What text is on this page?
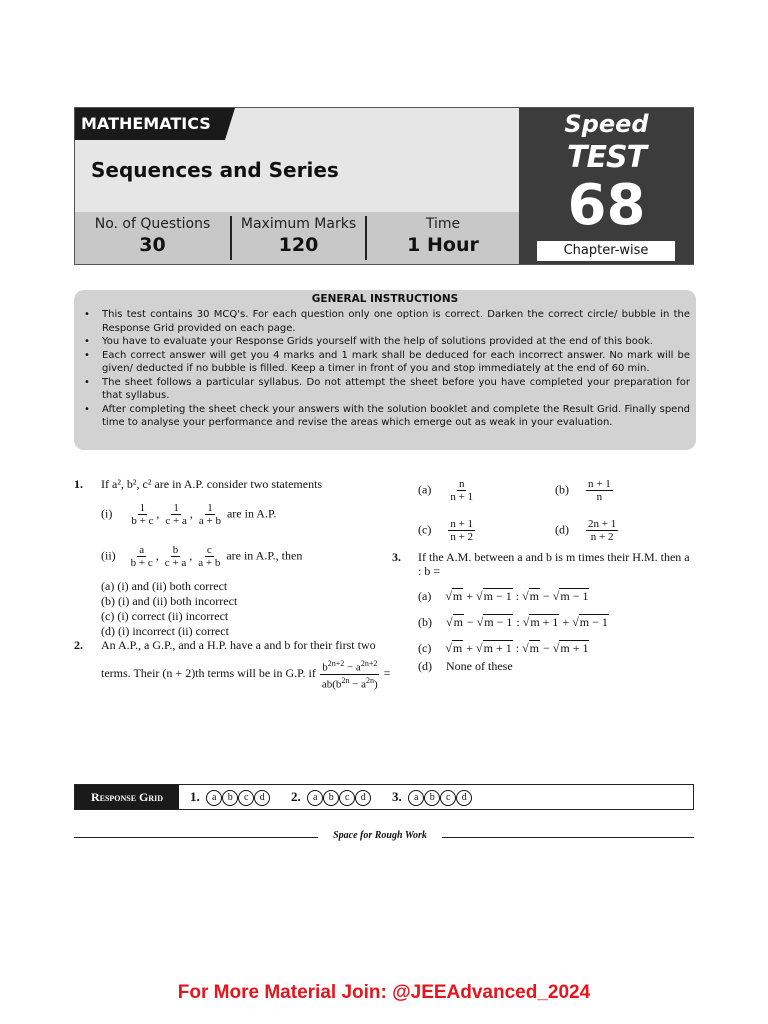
MATHEMATICS
Sequences and Series
No. of Questions
30
Maximum Marks
120
Time
1 Hour
Speed
TEST
68
Chapter-wise
GENERAL INSTRUCTIONS
• This test contains 30 MCQ's. For each question only one option is correct. Darken the correct circle/ bubble in the Response Grid provided on each page.
• You have to evaluate your Response Grids yourself with the help of solutions provided at the end of this book.
• Each correct answer will get you 4 marks and 1 mark shall be deduced for each incorrect answer. No mark will be given/ deducted if no bubble is filled. Keep a timer in front of you and stop immediately at the end of 60 min.
• The sheet follows a particular syllabus. Do not attempt the sheet before you have completed your preparation for that syllabus.
• After completing the sheet check your answers with the solution booklet and complete the Result Grid. Finally spend time to analyse your performance and revise the areas which emerge out as weak in your evaluation.
1. If a², b², c² are in A.P. consider two statements
$(i) \frac{1}{b + c}$ , $\frac{1}{c + a}$ , $\frac{1}{a + b}$ are in A.P.
$(ii) \frac{a}{b + c}$ , $\frac{b}{c + a}$ , $\frac{c}{a + b}$ are in A.P., then
(a) (i) and (ii) both correct
(b) (i) and (ii) both incorrect
(c) (i) correct (ii) incorrect
(d) (i) incorrect (ii) correct
2. An A.P., a G.P., and a H.P. have a and b for their first two
terms. Their (n + 2)th terms will be in G.P. if $\frac{b^{2n+2} - a^{2n+2}}{ab(b^{2n} - a^{2n})}$ =
$(a) \frac{n}{n + 1}$	$(b) \frac{n + 1}{n}$
$(c) \frac{n + 1}{n + 2}$	$(d) \frac{2n + 1}{n + 2}$
3. If the A.M. between a and b is m times their H.M. then a : b =
(a)  √m + √m − 1 : √m − √m − 1
(b)  √m − √m − 1 : √m + 1 + √m − 1
(c)  √m + √m + 1 : √m − √m + 1
(d) None of these
Response Grid	1. a b c d	2. a b c d	3. a b c d
Space for Rough Work
For More Material Join: @JEEAdvanced_2024
